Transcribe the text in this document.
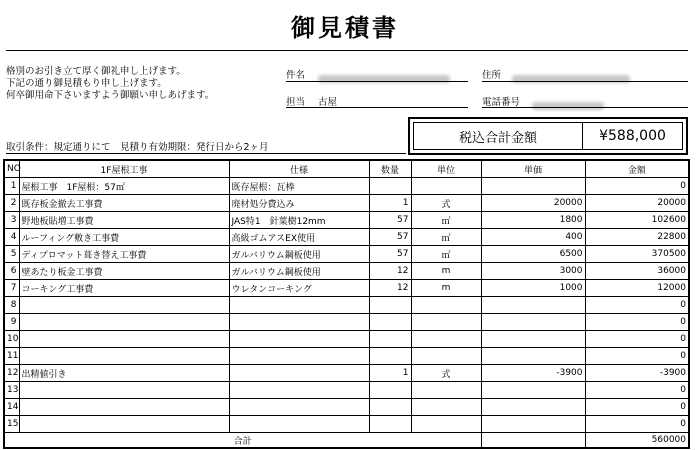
御見積書
格別のお引き立て厚く御礼申し上げます。
下記の通り御見積もり申し上げます。
何卒御用命下さいますよう御願い申しあげます。
件名	住所
担当 古屋	電話番号
取引条件：規定通りにて　見積り有効期限：発行日から2ヶ月
税込合計金額	¥588,000
NO	1F屋根工事	仕様	数量	単位	単価	金額
1	屋根工事　1F屋根：57㎡	既存屋根：瓦棒				0
2	既存板金撤去工事費	廃材処分費込み	1	式	20000	20000
3	野地板貼増工事費	JAS特1　針葉樹12mm	57	㎡	1800	102600
4	ルーフィング敷き工事費	高級ゴムアスEX使用	57	㎡	400	22800
5	ディプロマット葺き替え工事費	ガルバリウム鋼板使用	57	㎡	6500	370500
6	壁あたり板金工事費	ガルバリウム鋼板使用	12	m	3000	36000
7	コーキング工事費	ウレタンコーキング	12	m	1000	12000
8						0
9						0
10						0
11						0
12	出精値引き		1	式	-3900	-3900
13						0
14						0
15						0
合計						560000
